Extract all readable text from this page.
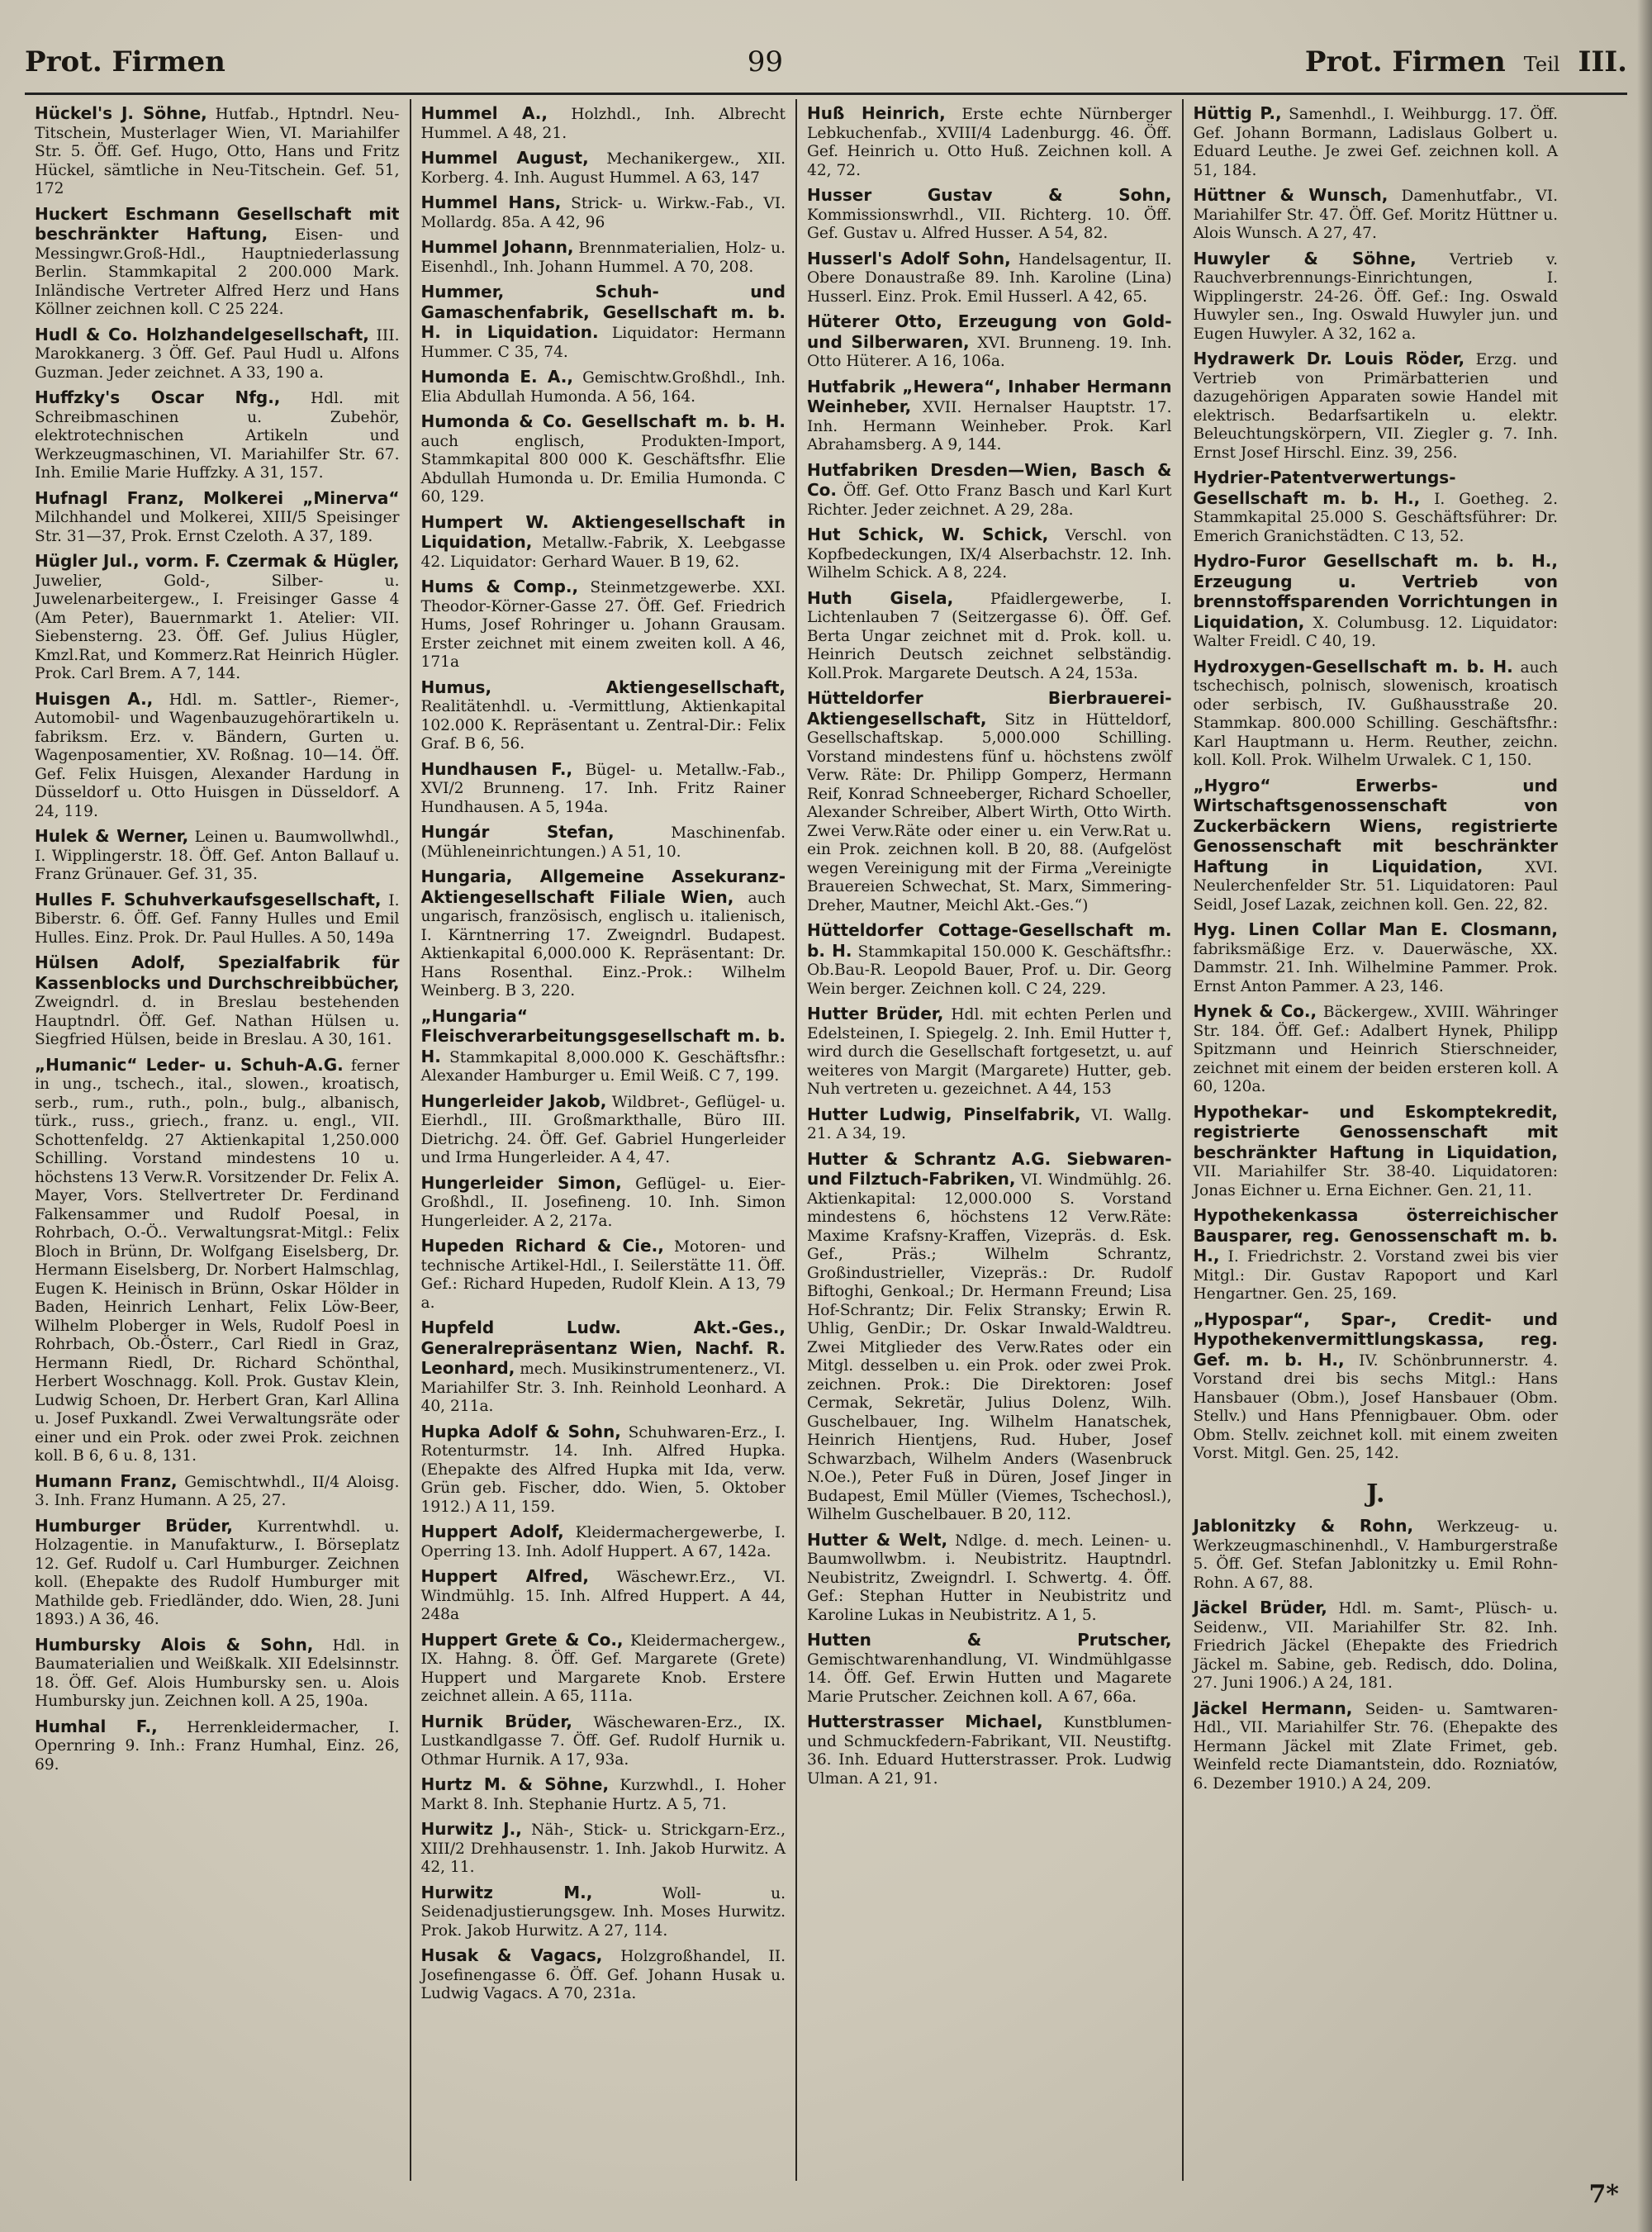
Prot. Firmen	99	Prot. Firmen Teil III.

Hückel's J. Söhne, Hutfab., Hptndrl. Neu-Titschein, Musterlager Wien, VI. Mariahilfer Str. 5. Öff. Gef. Hugo, Otto, Hans und Fritz Hückel, sämtliche in Neu-Titschein. Gef. 51, 172

Huckert Eschmann Gesellschaft mit beschränkter Haftung, Eisen- und Messingwr.Groß-Hdl., Hauptniederlassung Berlin. Stammkapital 2 200.000 Mark. Inländische Vertreter Alfred Herz und Hans Köllner zeichnen koll. C 25 224.

Hudl & Co. Holzhandelgesellschaft, III. Marokkanerg. 3 Öff. Gef. Paul Hudl u. Alfons Guzman. Jeder zeichnet. A 33, 190 a.

Huffzky's Oscar Nfg., Hdl. mit Schreibmaschinen u. Zubehör, elektrotechnischen Artikeln und Werkzeugmaschinen, VI. Mariahilfer Str. 67. Inh. Emilie Marie Huffzky. A 31, 157.

Hufnagl Franz, Molkerei „Minerva“ Milchhandel und Molkerei, XIII/5 Speisinger Str. 31—37, Prok. Ernst Czeloth. A 37, 189.

Hügler Jul., vorm. F. Czermak & Hügler, Juwelier, Gold-, Silber- u. Juwelenarbeitergew., I. Freisinger Gasse 4 (Am Peter), Bauernmarkt 1. Atelier: VII. Siebensterng. 23. Öff. Gef. Julius Hügler, Kmzl.Rat, und Kommerz.Rat Heinrich Hügler. Prok. Carl Brem. A 7, 144.

Huisgen A., Hdl. m. Sattler-, Riemer-, Automobil- und Wagenbauzugehörartikeln u. fabriksm. Erz. v. Bändern, Gurten u. Wagenposamentier, XV. Roßnag. 10—14. Öff. Gef. Felix Huisgen, Alexander Hardung in Düsseldorf u. Otto Huisgen in Düsseldorf. A 24, 119.

Hulek & Werner, Leinen u. Baumwollwhdl., I. Wipplingerstr. 18. Öff. Gef. Anton Ballauf u. Franz Grünauer. Gef. 31, 35.

Hulles F. Schuhverkaufsgesellschaft, I. Biberstr. 6. Öff. Gef. Fanny Hulles und Emil Hulles. Einz. Prok. Dr. Paul Hulles. A 50, 149a

Hülsen Adolf, Spezialfabrik für Kassenblocks und Durchschreibbücher, Zweigndrl. d. in Breslau bestehenden Hauptndrl. Öff. Gef. Nathan Hülsen u. Siegfried Hülsen, beide in Breslau. A 30, 161.

„Humanic“ Leder- u. Schuh-A.G. ferner in ung., tschech., ital., slowen., kroatisch, serb., rum., ruth., poln., bulg., albanisch, türk., russ., griech., franz. u. engl., VII. Schottenfeldg. 27 Aktienkapital 1,250.000 Schilling. Vorstand mindestens 10 u. höchstens 13 Verw.R. Vorsitzender Dr. Felix A. Mayer, Vors. Stellvertreter Dr. Ferdinand Falkensammer und Rudolf Poesal, in Rohrbach, O.-Ö.. Verwaltungsrat-Mitgl.: Felix Bloch in Brünn, Dr. Wolfgang Eiselsberg, Dr. Hermann Eiselsberg, Dr. Norbert Halmschlag, Eugen K. Heinisch in Brünn, Oskar Hölder in Baden, Heinrich Lenhart, Felix Löw-Beer, Wilhelm Ploberger in Wels, Rudolf Poesl in Rohrbach, Ob.-Österr., Carl Riedl in Graz, Hermann Riedl, Dr. Richard Schönthal, Herbert Woschnagg. Koll. Prok. Gustav Klein, Ludwig Schoen, Dr. Herbert Gran, Karl Allina u. Josef Puxkandl. Zwei Verwaltungsräte oder einer und ein Prok. oder zwei Prok. zeichnen koll. B 6, 6 u. 8, 131.

Humann Franz, Gemischtwhdl., II/4 Aloisg. 3. Inh. Franz Humann. A 25, 27.

Humburger Brüder, Kurrentwhdl. u. Holzagentie. in Manufakturw., I. Börseplatz 12. Gef. Rudolf u. Carl Humburger. Zeichnen koll. (Ehepakte des Rudolf Humburger mit Mathilde geb. Friedländer, ddo. Wien, 28. Juni 1893.) A 36, 46.

Humbursky Alois & Sohn, Hdl. in Baumaterialien und Weißkalk. XII Edelsinnstr. 18. Öff. Gef. Alois Humbursky sen. u. Alois Humbursky jun. Zeichnen koll. A 25, 190a.

Humhal F., Herrenkleidermacher, I. Opernring 9. Inh.: Franz Humhal, Einz. 26, 69.

Hummel A., Holzhdl., Inh. Albrecht Hummel. A 48, 21.

Hummel August, Mechanikergew., XII. Korberg. 4. Inh. August Hummel. A 63, 147

Hummel Hans, Strick- u. Wirkw.-Fab., VI. Mollardg. 85a. A 42, 96

Hummel Johann, Brennmaterialien, Holz- u. Eisenhdl., Inh. Johann Hummel. A 70, 208.

Hummer, Schuh- und Gamaschenfabrik, Gesellschaft m. b. H. in Liquidation. Liquidator: Hermann Hummer. C 35, 74.

Humonda E. A., Gemischtw.Großhdl., Inh. Elia Abdullah Humonda. A 56, 164.

Humonda & Co. Gesellschaft m. b. H. auch englisch, Produkten-Import, Stammkapital 800 000 K. Geschäftsfhr. Elie Abdullah Humonda u. Dr. Emilia Humonda. C 60, 129.

Humpert W. Aktiengesellschaft in Liquidation, Metallw.-Fabrik, X. Leebgasse 42. Liquidator: Gerhard Wauer. B 19, 62.

Hums & Comp., Steinmetzgewerbe. XXI. Theodor-Körner-Gasse 27. Öff. Gef. Friedrich Hums, Josef Rohringer u. Johann Grausam. Erster zeichnet mit einem zweiten koll. A 46, 171a

Humus, Aktiengesellschaft, Realitätenhdl. u. -Vermittlung, Aktienkapital 102.000 K. Repräsentant u. Zentral-Dir.: Felix Graf. B 6, 56.

Hundhausen F., Bügel- u. Metallw.-Fab., XVI/2 Brunneng. 17. Inh. Fritz Rainer Hundhausen. A 5, 194a.

Hungár Stefan,	Maschinenfab. (Mühleneinrichtungen.) A 51, 10.

Hungaria, Allgemeine Assekuranz-Aktiengesellschaft Filiale Wien, auch ungarisch, französisch, englisch u. italienisch, I. Kärntnerring 17. Zweigndrl. Budapest. Aktienkapital 6,000.000 K. Repräsentant: Dr. Hans Rosenthal. Einz.-Prok.: Wilhelm Weinberg. B 3, 220.

„Hungaria“ Fleischverarbeitungsgesellschaft m. b. H. Stammkapital 8,000.000 K. Geschäftsfhr.: Alexander Hamburger u. Emil Weiß. C 7, 199.

Hungerleider Jakob, Wildbret-, Geflügel- u. Eierhdl., III. Großmarkthalle, Büro III. Dietrichg. 24. Öff. Gef. Gabriel Hungerleider und Irma Hungerleider. A 4, 47.

Hungerleider Simon, Geflügel- u. Eier-Großhdl., II. Josefineng. 10. Inh. Simon Hungerleider. A 2, 217a.

Hupeden Richard & Cie., Motoren- und technische Artikel-Hdl., I. Seilerstätte 11. Öff. Gef.: Richard Hupeden, Rudolf Klein. A 13, 79 a.

Hupfeld Ludw. Akt.-Ges., Generalrepräsentanz Wien, Nachf. R. Leonhard, mech. Musikinstrumentenerz., VI. Mariahilfer Str. 3. Inh. Reinhold Leonhard. A 40, 211a.

Hupka Adolf & Sohn, Schuhwaren-Erz., I. Rotenturmstr. 14. Inh. Alfred Hupka. (Ehepakte des Alfred Hupka mit Ida, verw. Grün geb. Fischer, ddo. Wien, 5. Oktober 1912.) A 11, 159.

Huppert Adolf, Kleidermachergewerbe, I. Operring 13. Inh. Adolf Huppert. A 67, 142a.

Huppert Alfred, Wäschewr.Erz., VI. Windmühlg. 15. Inh. Alfred Huppert. A 44, 248a

Huppert Grete & Co., Kleidermachergew., IX. Hahng. 8. Öff. Gef. Margarete (Grete) Huppert und Margarete Knob. Erstere zeichnet allein. A 65, 111a.

Hurnik Brüder, Wäschewaren-Erz., IX. Lustkandlgasse 7. Öff. Gef. Rudolf Hurnik u. Othmar Hurnik. A 17, 93a.

Hurtz M. & Söhne, Kurzwhdl., I. Hoher Markt 8. Inh. Stephanie Hurtz. A 5, 71.

Hurwitz J., Näh-, Stick- u. Strickgarn-Erz., XIII/2 Drehhausenstr. 1. Inh. Jakob Hurwitz. A 42, 11.

Hurwitz M.,	Woll- u. Seidenadjustierungsgew. Inh. Moses Hurwitz. Prok. Jakob Hurwitz. A 27, 114.

Husak & Vagacs, Holzgroßhandel, II. Josefinengasse 6. Öff. Gef. Johann Husak u. Ludwig Vagacs. A 70, 231a.

Huß Heinrich, Erste echte Nürnberger Lebkuchenfab., XVIII/4 Ladenburgg. 46. Öff. Gef. Heinrich u. Otto Huß. Zeichnen koll. A 42, 72.

Husser Gustav & Sohn, Kommissionswrhdl., VII. Richterg. 10. Öff. Gef. Gustav u. Alfred Husser. A 54, 82.

Husserl's Adolf Sohn, Handelsagentur, II. Obere Donaustraße 89. Inh. Karoline (Lina) Husserl. Einz. Prok. Emil Husserl. A 42, 65.

Hüterer Otto, Erzeugung von Gold- und Silberwaren, XVI. Brunneng. 19. Inh. Otto Hüterer. A 16, 106a.

Hutfabrik „Hewera“, Inhaber Hermann Weinheber, XVII. Hernalser Hauptstr. 17. Inh. Hermann Weinheber. Prok. Karl Abrahamsberg. A 9, 144.

Hutfabriken Dresden—Wien, Basch & Co. Öff. Gef. Otto Franz Basch und Karl Kurt Richter. Jeder zeichnet. A 29, 28a.

Hut Schick, W. Schick, Verschl. von Kopfbedeckungen, IX/4 Alserbachstr. 12. Inh. Wilhelm Schick. A 8, 224.

Huth Gisela, Pfaidlergewerbe, I. Lichtenlauben 7 (Seitzergasse 6). Öff. Gef. Berta Ungar zeichnet mit d. Prok. koll. u. Heinrich Deutsch zeichnet selbständig. Koll.Prok. Margarete Deutsch. A 24, 153a.

Hütteldorfer Bierbrauerei-Aktiengesellschaft, Sitz in Hütteldorf, Gesellschaftskap. 5,000.000 Schilling. Vorstand mindestens fünf u. höchstens zwölf Verw. Räte: Dr. Philipp Gomperz, Hermann Reif, Konrad Schneeberger, Richard Schoeller, Alexander Schreiber, Albert Wirth, Otto Wirth. Zwei Verw.Räte oder einer u. ein Verw.Rat u. ein Prok. zeichnen koll. B 20, 88. (Aufgelöst wegen Vereinigung mit der Firma „Vereinigte Brauereien Schwechat, St. Marx, Simmering-Dreher, Mautner, Meichl Akt.-Ges.“)

Hütteldorfer Cottage-Gesellschaft m. b. H. Stammkapital 150.000 K. Geschäftsfhr.: Ob.Bau-R. Leopold Bauer, Prof. u. Dir. Georg Wein berger. Zeichnen koll. C 24, 229.

Hutter Brüder, Hdl. mit echten Perlen und Edelsteinen, I. Spiegelg. 2. Inh. Emil Hutter †, wird durch die Gesellschaft fortgesetzt, u. auf weiteres von Margit (Margarete) Hutter, geb. Nuh vertreten u. gezeichnet. A 44, 153

Hutter Ludwig, Pinselfabrik, VI. Wallg. 21. A 34, 19.

Hutter & Schrantz A.G. Siebwaren- und Filztuch-Fabriken, VI. Windmühlg. 26. Aktienkapital: 12,000.000 S. Vorstand mindestens 6, höchstens 12 Verw.Räte: Maxime Krafsny-Kraffen, Vizepräs. d. Esk. Gef., Präs.; Wilhelm Schrantz, Großindustrieller, Vizepräs.: Dr. Rudolf Biftoghi, Genkoal.; Dr. Hermann Freund; Lisa Hof-Schrantz; Dir. Felix Stransky; Erwin R. Uhlig, GenDir.; Dr. Oskar Inwald-Waldtreu. Zwei Mitglieder des Verw.Rates oder ein Mitgl. desselben u. ein Prok. oder zwei Prok. zeichnen. Prok.: Die Direktoren: Josef Cermak, Sekretär, Julius Dolenz, Wilh. Guschelbauer, Ing. Wilhelm Hanatschek, Heinrich Hientjens, Rud. Huber, Josef Schwarzbach, Wilhelm Anders (Wasenbruck N.Oe.), Peter Fuß in Düren, Josef Jinger in Budapest, Emil Müller (Viemes, Tschechosl.), Wilhelm Guschelbauer. B 20, 112.

Hutter & Welt, Ndlge. d. mech. Leinen- u. Baumwollwbm. i. Neubistritz. Hauptndrl. Neubistritz, Zweigndrl. I. Schwertg. 4. Öff. Gef.: Stephan Hutter in Neubistritz und Karoline Lukas in Neubistritz. A 1, 5.

Hutten & Prutscher, Gemischtwarenhandlung, VI. Windmühlgasse 14. Öff. Gef. Erwin Hutten und Magarete Marie Prutscher. Zeichnen koll. A 67, 66a.

Hutterstrasser Michael, Kunstblumen- und Schmuckfedern-Fabrikant, VII. Neustiftg. 36. Inh. Eduard Hutterstrasser. Prok. Ludwig Ulman. A 21, 91.

Hüttig P., Samenhdl., I. Weihburgg. 17. Öff. Gef. Johann Bormann, Ladislaus Golbert u. Eduard Leuthe. Je zwei Gef. zeichnen koll. A 51, 184.

Hüttner & Wunsch, Damenhutfabr., VI. Mariahilfer Str. 47. Öff. Gef. Moritz Hüttner u. Alois Wunsch. A 27, 47.

Huwyler & Söhne, Vertrieb v. Rauchverbrennungs-Einrichtungen, I. Wipplingerstr. 24-26. Öff. Gef.: Ing. Oswald Huwyler sen., Ing. Oswald Huwyler jun. und Eugen Huwyler. A 32, 162 a.

Hydrawerk Dr. Louis Röder, Erzg. und Vertrieb von Primärbatterien und dazugehörigen Apparaten sowie Handel mit elektrisch. Bedarfsartikeln u. elektr. Beleuchtungskörpern, VII. Ziegler g. 7. Inh. Ernst Josef Hirschl. Einz. 39, 256.

Hydrier-Patentverwertungs-Gesellschaft m. b. H., I. Goetheg. 2. Stammkapital 25.000 S. Geschäftsführer: Dr. Emerich Granichstädten. C 13, 52.

Hydro-Furor Gesellschaft m. b. H., Erzeugung u. Vertrieb von brennstoffsparenden Vorrichtungen in Liquidation, X. Columbusg. 12. Liquidator: Walter Freidl. C 40, 19.

Hydroxygen-Gesellschaft m. b. H. auch tschechisch, polnisch, slowenisch, kroatisch oder serbisch, IV. Gußhausstraße 20. Stammkap. 800.000 Schilling. Geschäftsfhr.: Karl Hauptmann u. Herm. Reuther, zeichn. koll. Koll. Prok. Wilhelm Urwalek. C 1, 150.

„Hygro“ Erwerbs- und Wirtschaftsgenossenschaft von Zuckerbäckern Wiens, registrierte Genossenschaft mit beschränkter Haftung in Liquidation,	XVI. Neulerchenfelder Str. 51. Liquidatoren: Paul Seidl, Josef Lazak, zeichnen koll. Gen. 22, 82.

Hyg. Linen Collar Man E. Closmann, fabriksmäßige Erz. v. Dauerwäsche, XX. Dammstr. 21. Inh. Wilhelmine Pammer. Prok. Ernst Anton Pammer. A 23, 146.

Hynek & Co., Bäckergew., XVIII. Währinger Str. 184. Öff. Gef.: Adalbert Hynek, Philipp Spitzmann und Heinrich Stierschneider, zeichnet mit einem der beiden ersteren koll. A 60, 120a.

Hypothekar- und Eskomptekredit, registrierte Genossenschaft mit beschränkter Haftung in Liquidation, VII. Mariahilfer Str. 38-40. Liquidatoren: Jonas Eichner u. Erna Eichner. Gen. 21, 11.

Hypothekenkassa österreichischer Bausparer, reg. Genossenschaft m. b. H., I. Friedrichstr. 2. Vorstand zwei bis vier Mitgl.: Dir. Gustav Rapoport und Karl Hengartner. Gen. 25, 169.

„Hypospar“, Spar-, Credit- und Hypothekenvermittlungskassa, reg. Gef. m. b. H., IV. Schönbrunnerstr. 4. Vorstand drei bis sechs Mitgl.: Hans Hansbauer (Obm.), Josef Hansbauer (Obm. Stellv.) und Hans Pfennigbauer. Obm. oder Obm. Stellv. zeichnet koll. mit einem zweiten Vorst. Mitgl. Gen. 25, 142.

J.

Jablonitzky & Rohn, Werkzeug- u. Werkzeugmaschinenhdl., V. Hamburgerstraße 5. Öff. Gef. Stefan Jablonitzky u. Emil Rohn-Rohn. A 67, 88.

Jäckel Brüder, Hdl. m. Samt-, Plüsch- u. Seidenw., VII. Mariahilfer Str. 82. Inh. Friedrich Jäckel (Ehepakte des Friedrich Jäckel m. Sabine, geb. Redisch, ddo. Dolina, 27. Juni 1906.) A 24, 181.

Jäckel Hermann, Seiden- u. Samtwaren-Hdl., VII. Mariahilfer Str. 76. (Ehepakte des Hermann Jäckel mit Zlate Frimet, geb. Weinfeld recte Diamantstein, ddo. Rozniatów, 6. Dezember 1910.) A 24, 209.

7*
